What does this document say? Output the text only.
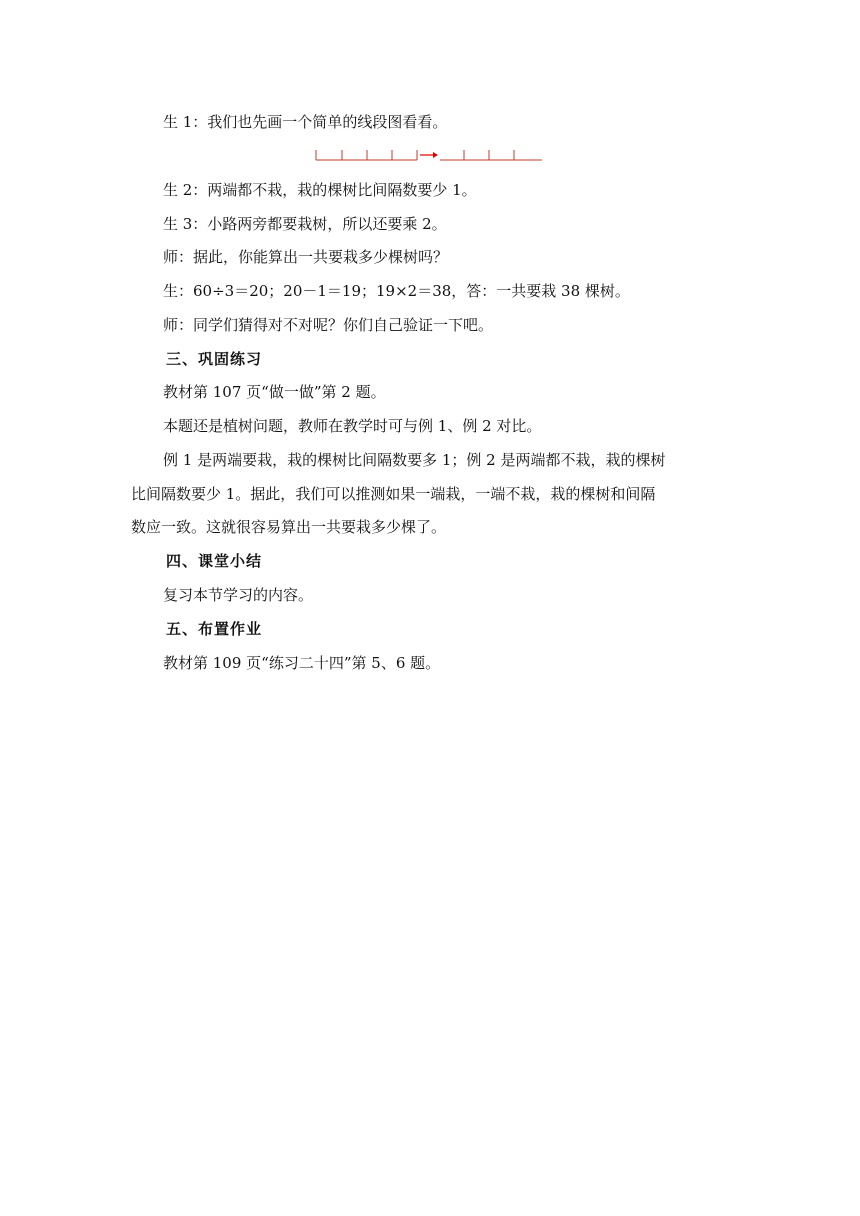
生 1：我们也先画一个简单的线段图看看。
生 2：两端都不栽，栽的棵树比间隔数要少 1。
生 3：小路两旁都要栽树，所以还要乘 2。
师：据此，你能算出一共要栽多少棵树吗？
生：60÷3＝20；20－1＝19；19×2＝38，答：一共要栽 38 棵树。
师：同学们猜得对不对呢？你们自己验证一下吧。
三、巩固练习
教材第 107 页“做一做”第 2 题。
本题还是植树问题，教师在教学时可与例 1、例 2 对比。
例 1 是两端要栽，栽的棵树比间隔数要多 1；例 2 是两端都不栽，栽的棵树
比间隔数要少 1。据此，我们可以推测如果一端栽，一端不栽，栽的棵树和间隔
数应一致。这就很容易算出一共要栽多少棵了。
四、课堂小结
复习本节学习的内容。
五、布置作业
教材第 109 页“练习二十四”第 5、6 题。
